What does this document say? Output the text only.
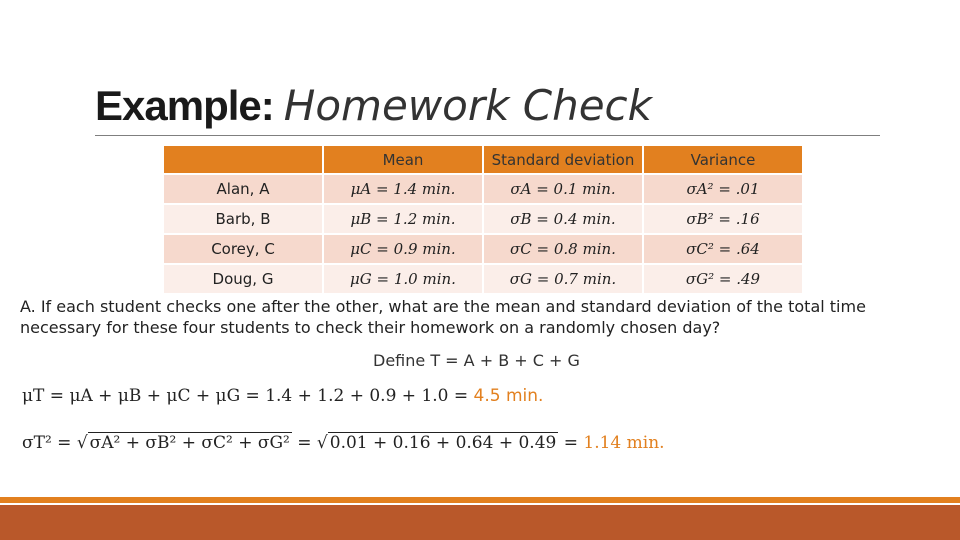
Example: Homework Check
	Mean	Standard deviation	Variance
Alan, A	μA = 1.4 min.	σA = 0.1 min.	σA² = .01
Barb, B	μB = 1.2 min.	σB = 0.4 min.	σB² = .16
Corey, C	μC = 0.9 min.	σC = 0.8 min.	σC² = .64
Doug, G	μG = 1.0 min.	σG = 0.7 min.	σG² = .49
A. If each student checks one after the other, what are the mean and standard deviation of the total time necessary for these four students to check their homework on a randomly chosen day?
Define T = A + B + C + G
μT = μA + μB + μC + μG = 1.4 + 1.2 + 0.9 + 1.0 = 4.5 min.
σT² = √ σA² + σB² + σC² + σG² = √ 0.01 + 0.16 + 0.64 + 0.49 = 1.14 min.
